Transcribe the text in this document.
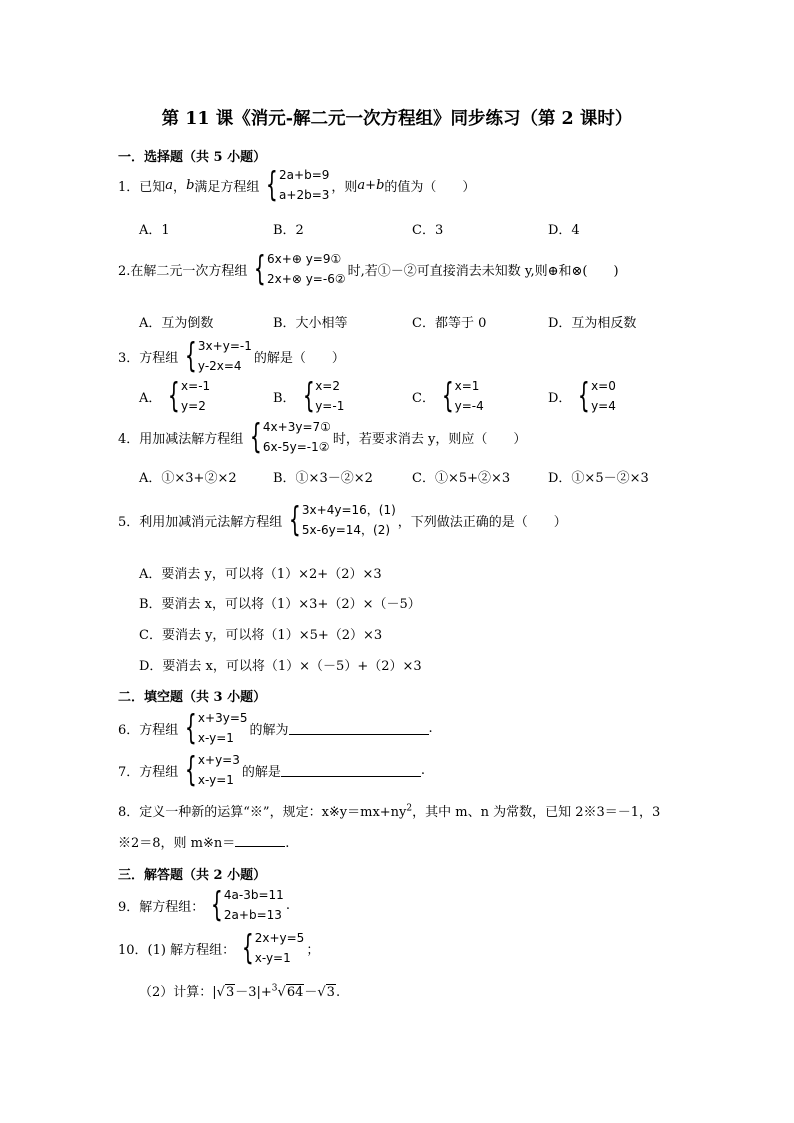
第 11 课《消元-解二元一次方程组》同步练习（第 2 课时）
一．选择题（共 5 小题）
1．已知 a ， b 满足方程组 { 2a+b=9
a+2b=3
，则 a+b 的值为（　　）
A．1	B．2	C．3	D．4
2.在解二元一次方程组 { 6x+⊕ y=9①
2x+⊗ y=-6②
时,若①－②可直接消去未知数 y,则⊕和⊗(　　)
A．互为倒数	B．大小相等	C．都等于 0	D．互为相反数
3．方程组 { 3x+y=-1
y-2x=4
的解是（　　）
A． { x=-1
y=2
B． { x=2
y=-1
C． { x=1
y=-4
D． { x=0
y=4
4．用加减法解方程组 { 4x+3y=7①
6x-5y=-1②
时，若要求消去 y，则应（　　）
A．①×3+②×2	B．①×3－②×2	C．①×5+②×3	D．①×5－②×3
5．利用加减消元法解方程组 { 3x+4y=16，(1)
5x-6y=14，(2)
，下列做法正确的是（　　）
A．要消去 y，可以将（1）×2+（2）×3
B．要消去 x，可以将（1）×3+（2）×（－5）
C．要消去 y，可以将（1）×5+（2）×3
D．要消去 x，可以将（1）×（－5）+（2）×3
二．填空题（共 3 小题）
6．方程组 { x+3y=5
x-y=1
的解为	.
7．方程组 { x+y=3
x-y=1
的解是	.
8．定义一种新的运算“※”，规定：$x※y=mx+ny^2$，其中 m、n 为常数，已知 2※3＝－1，3
※2＝8，则 m※n＝	.
三．解答题（共 2 小题）
9．解方程组： { 4a-3b=11
2a+b=13
.
10．(1) 解方程组： { 2x+y=5
x-y=1
；
（2）计算：|√3－3|+$^3$√64－√3.
